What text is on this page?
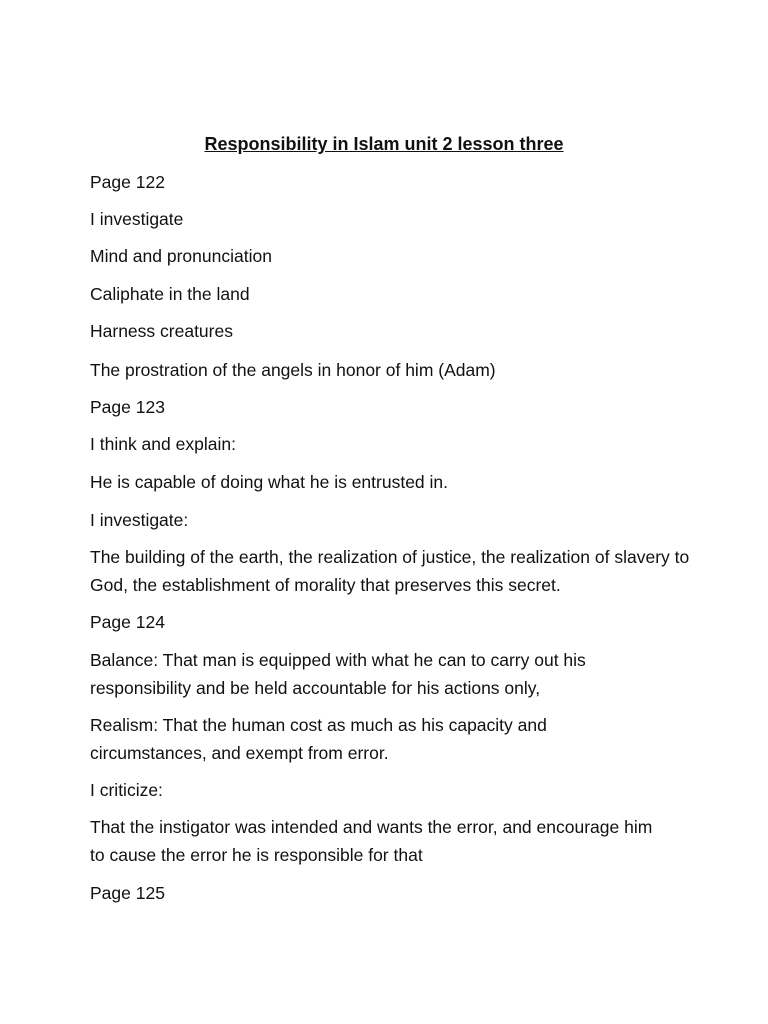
Responsibility in Islam unit 2 lesson three

Page 122

I investigate

Mind and pronunciation

Caliphate in the land

Harness creatures

The prostration of the angels in honor of him (Adam)

Page 123

I think and explain:

He is capable of doing what he is entrusted in.

I investigate:

The building of the earth, the realization of justice, the realization of slavery to God, the establishment of morality that preserves this secret.

Page 124

Balance: That man is equipped with what he can to carry out his responsibility and be held accountable for his actions only,

Realism: That the human cost as much as his capacity and circumstances, and exempt from error.

I criticize:

That the instigator was intended and wants the error, and encourage him to cause the error he is responsible for that

Page 125
